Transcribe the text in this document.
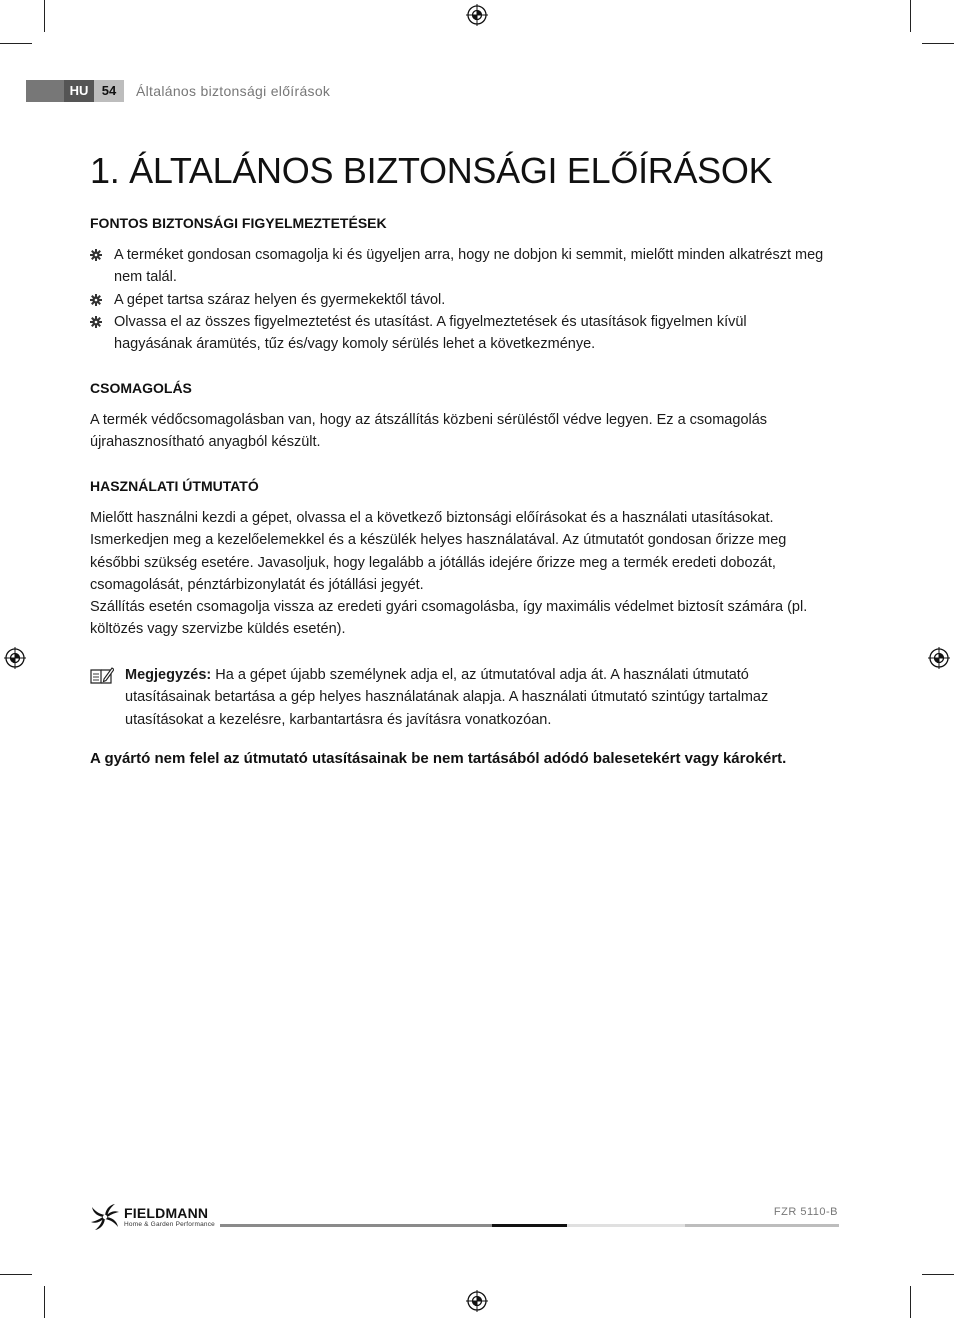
HU	54	Általános biztonsági előírások
1. ÁLTALÁNOS BIZTONSÁGI ELŐÍRÁSOK
FONTOS BIZTONSÁGI FIGYELMEZTETÉSEK
A terméket gondosan csomagolja ki és ügyeljen arra, hogy ne dobjon ki semmit, mielőtt minden alkatrészt meg nem talál.
A gépet tartsa száraz helyen és gyermekektől távol.
Olvassa el az összes figyelmeztetést és utasítást. A figyelmeztetések és utasítások figyelmen kívül hagyásának áramütés, tűz és/vagy komoly sérülés lehet a következménye.
CSOMAGOLÁS
A termék védőcsomagolásban van, hogy az átszállítás közbeni sérüléstől védve legyen. Ez a csomagolás újrahasznosítható anyagból készült.
HASZNÁLATI ÚTMUTATÓ
Mielőtt használni kezdi a gépet, olvassa el a következő biztonsági előírásokat és a használati utasításokat. Ismerkedjen meg a kezelőelemekkel és a készülék helyes használatával. Az útmutatót gondosan őrizze meg későbbi szükség esetére. Javasoljuk, hogy legalább a jótállás idejére őrizze meg a termék eredeti dobozát, csomagolását, pénztárbizonylatát és jótállási jegyét.
Szállítás esetén csomagolja vissza az eredeti gyári csomagolásba, így maximális védelmet biztosít számára (pl. költözés vagy szervizbe küldés esetén).
Megjegyzés: Ha a gépet újabb személynek adja el, az útmutatóval adja át. A használati útmutató utasításainak betartása a gép helyes használatának alapja. A használati útmutató szintúgy tartalmaz utasításokat a kezelésre, karbantartásra és javításra vonatkozóan.
A gyártó nem felel az útmutató utasításainak be nem tartásából adódó balesetekért vagy károkért.
FIELDMANN
Home & Garden Performance
FZR 5110-B
